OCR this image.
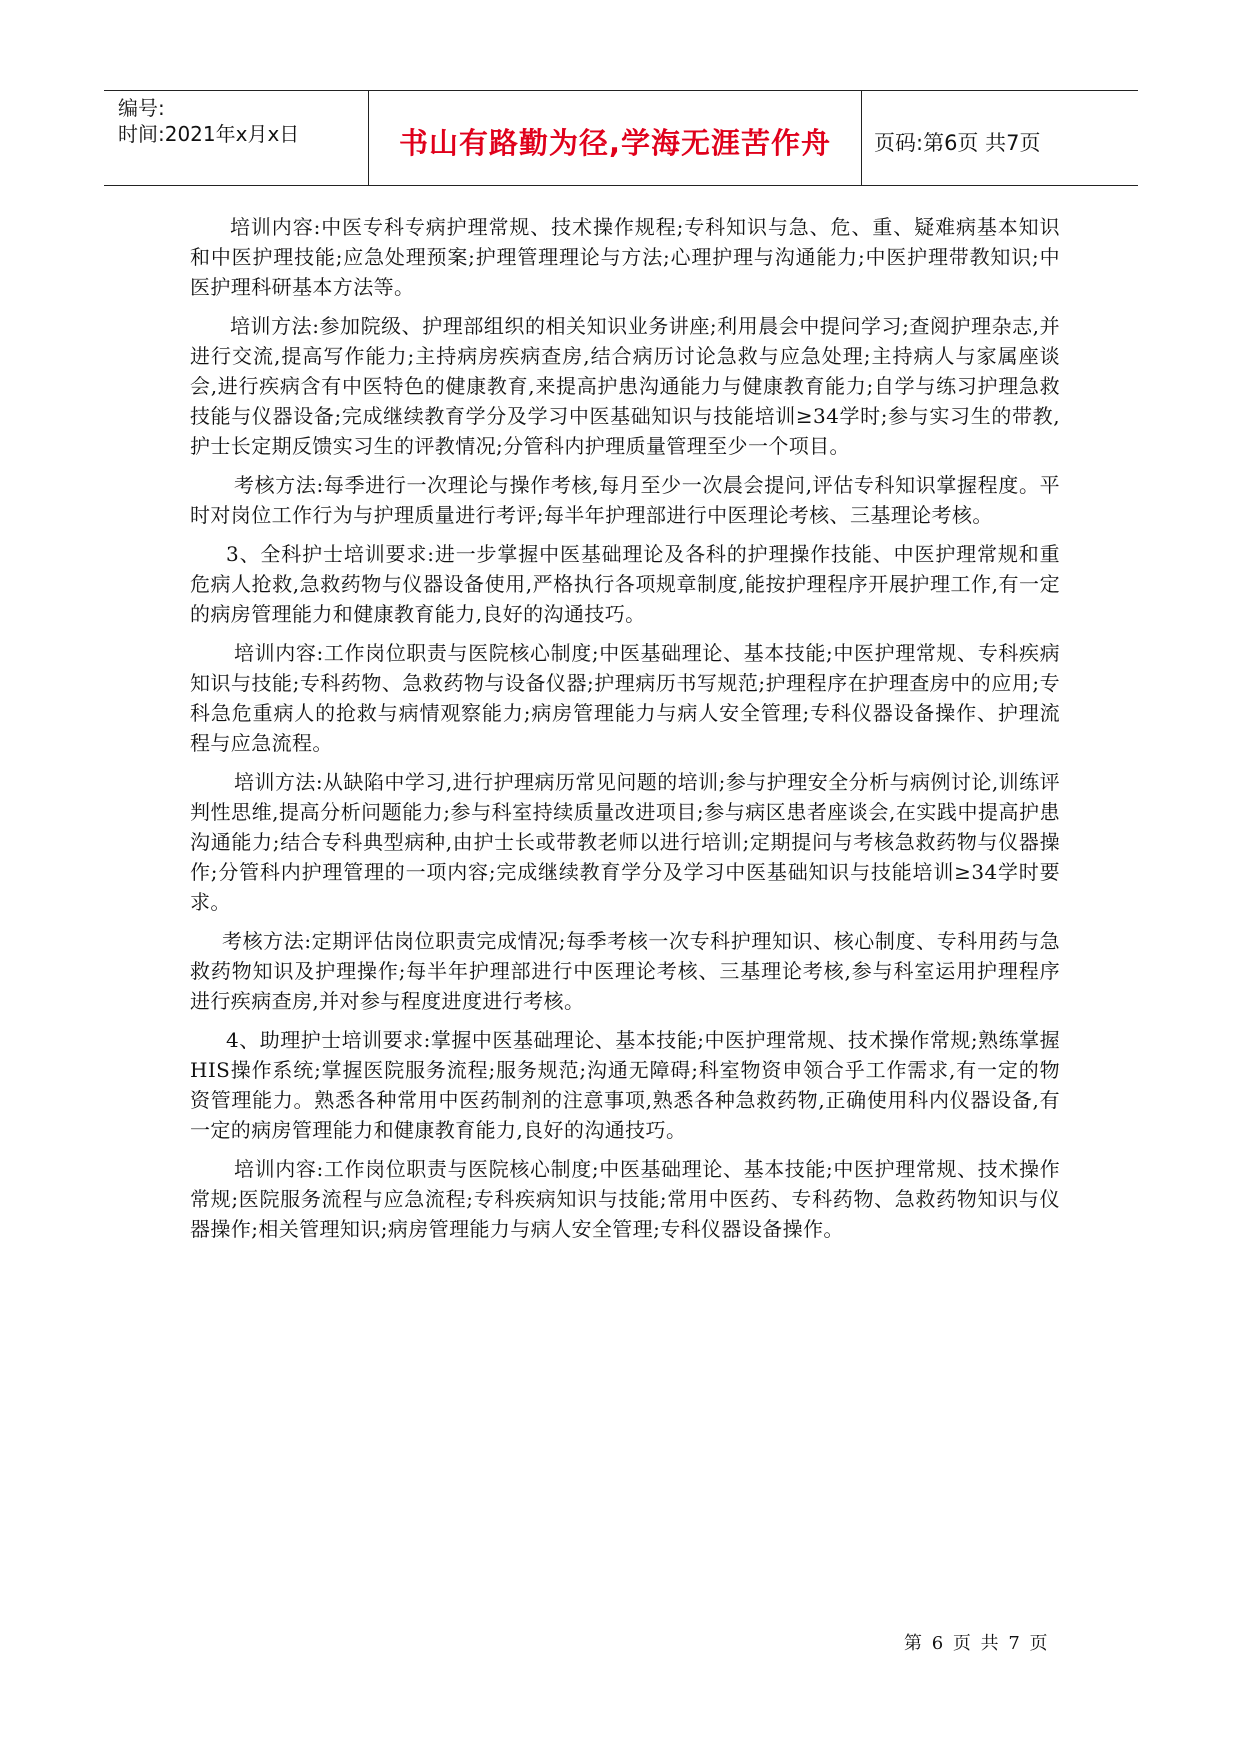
编号:
时间:2021年x月x日	书山有路勤为径,学海无涯苦作舟 页码:第6页 共7页

培训内容:中医专科专病护理常规、技术操作规程;专科知识与急、危、重、疑难病基本知识和中医护理技能;应急处理预案;护理管理理论与方法;心理护理与沟通能力;中医护理带教知识;中医护理科研基本方法等。

培训方法:参加院级、护理部组织的相关知识业务讲座;利用晨会中提问学习;查阅护理杂志,并进行交流,提高写作能力;主持病房疾病查房,结合病历讨论急救与应急处理;主持病人与家属座谈会,进行疾病含有中医特色的健康教育,来提高护患沟通能力与健康教育能力;自学与练习护理急救技能与仪器设备;完成继续教育学分及学习中医基础知识与技能培训≥34学时;参与实习生的带教,护士长定期反馈实习生的评教情况;分管科内护理质量管理至少一个项目。

考核方法:每季进行一次理论与操作考核,每月至少一次晨会提问,评估专科知识掌握程度。平时对岗位工作行为与护理质量进行考评;每半年护理部进行中医理论考核、三基理论考核。

3、全科护士培训要求:进一步掌握中医基础理论及各科的护理操作技能、中医护理常规和重危病人抢救,急救药物与仪器设备使用,严格执行各项规章制度,能按护理程序开展护理工作,有一定的病房管理能力和健康教育能力,良好的沟通技巧。

培训内容:工作岗位职责与医院核心制度;中医基础理论、基本技能;中医护理常规、专科疾病知识与技能;专科药物、急救药物与设备仪器;护理病历书写规范;护理程序在护理查房中的应用;专科急危重病人的抢救与病情观察能力;病房管理能力与病人安全管理;专科仪器设备操作、护理流程与应急流程。

培训方法:从缺陷中学习,进行护理病历常见问题的培训;参与护理安全分析与病例讨论,训练评判性思维,提高分析问题能力;参与科室持续质量改进项目;参与病区患者座谈会,在实践中提高护患沟通能力;结合专科典型病种,由护士长或带教老师以进行培训;定期提问与考核急救药物与仪器操作;分管科内护理管理的一项内容;完成继续教育学分及学习中医基础知识与技能培训≥34学时要求。

考核方法:定期评估岗位职责完成情况;每季考核一次专科护理知识、核心制度、专科用药与急救药物知识及护理操作;每半年护理部进行中医理论考核、三基理论考核,参与科室运用护理程序进行疾病查房,并对参与程度进度进行考核。

4、助理护士培训要求:掌握中医基础理论、基本技能;中医护理常规、技术操作常规;熟练掌握HIS操作系统;掌握医院服务流程;服务规范;沟通无障碍;科室物资申领合乎工作需求,有一定的物资管理能力。熟悉各种常用中医药制剂的注意事项,熟悉各种急救药物,正确使用科内仪器设备,有一定的病房管理能力和健康教育能力,良好的沟通技巧。

培训内容:工作岗位职责与医院核心制度;中医基础理论、基本技能;中医护理常规、技术操作常规;医院服务流程与应急流程;专科疾病知识与技能;常用中医药、专科药物、急救药物知识与仪器操作;相关管理知识;病房管理能力与病人安全管理;专科仪器设备操作。

第 6 页 共 7 页
